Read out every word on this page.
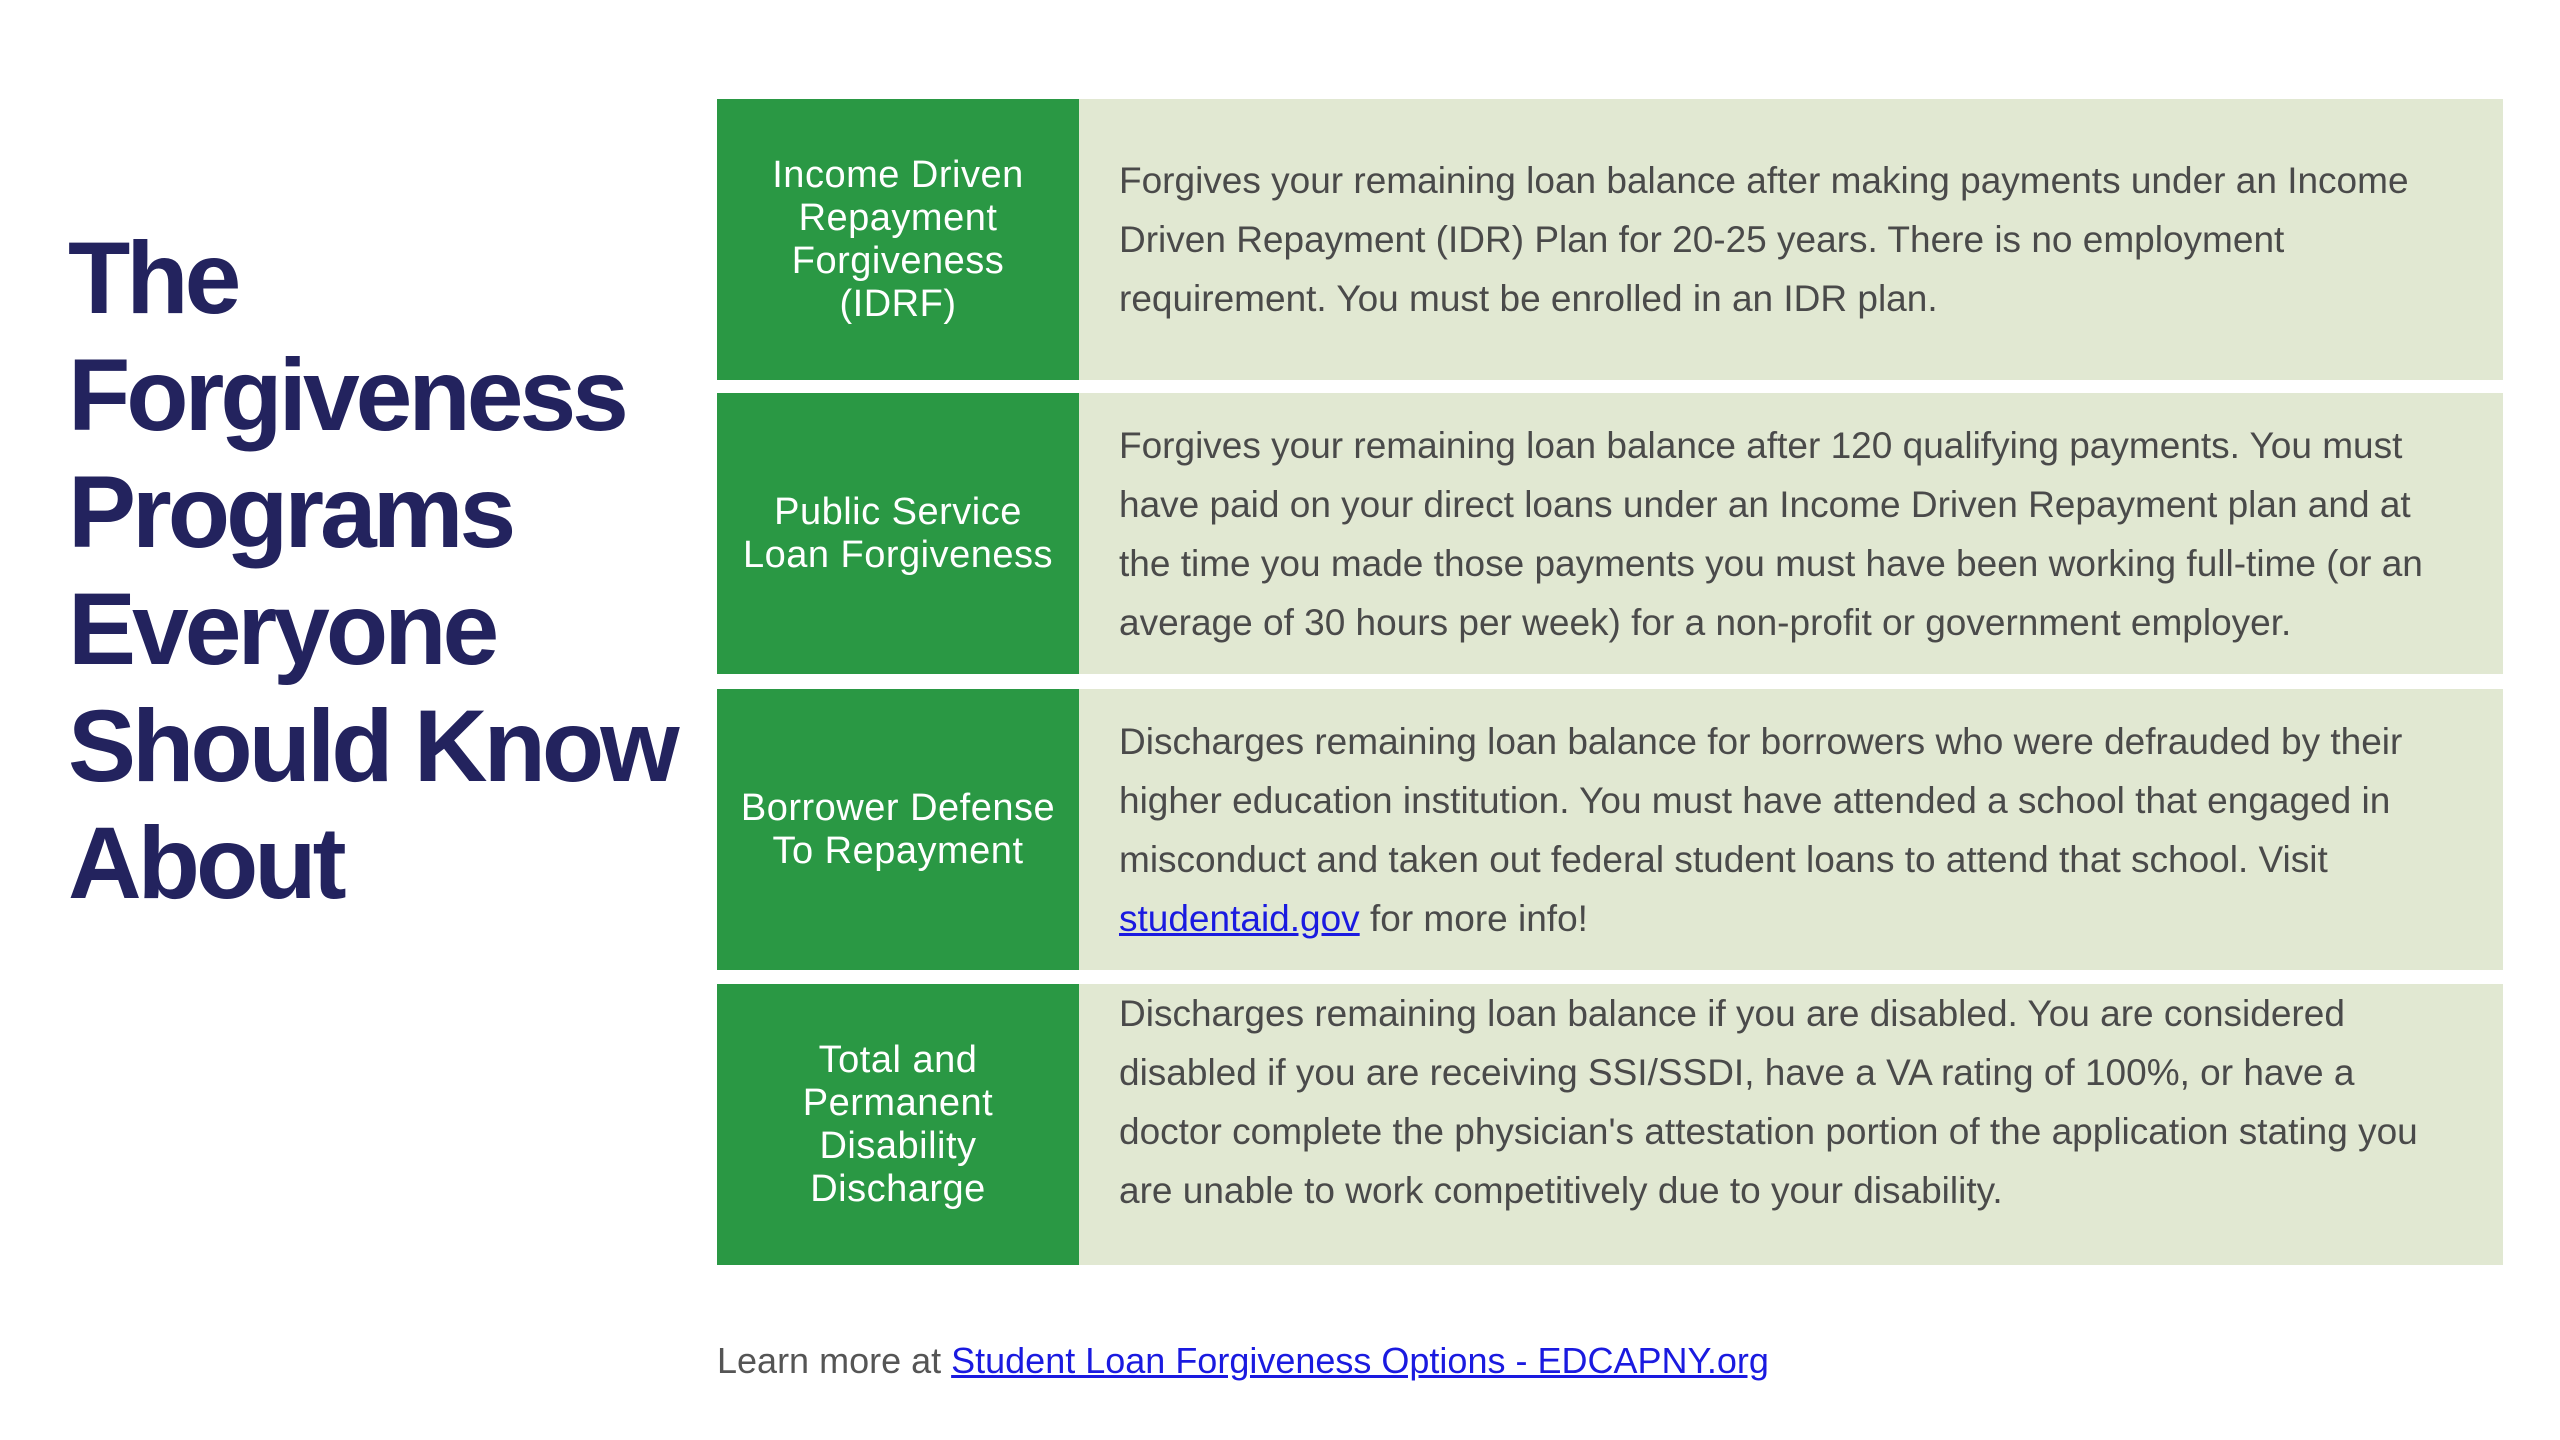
The
Forgiveness
Programs
Everyone
Should Know
About
Income Driven
Repayment
Forgiveness (IDRF)

Forgives your remaining loan balance after making payments under an Income Driven Repayment (IDR) Plan for 20-25 years. There is no employment requirement. You must be enrolled in an IDR plan.

Public Service
Loan Forgiveness

Forgives your remaining loan balance after 120 qualifying payments. You must have paid on your direct loans under an Income Driven Repayment plan and at the time you made those payments you must have been working full-time (or an average of 30 hours per week) for a non-profit or government employer.

Borrower Defense
To Repayment

Discharges remaining loan balance for borrowers who were defrauded by their higher education institution. You must have attended a school that engaged in misconduct and taken out federal student loans to attend that school. Visit studentaid.gov for more info!

Total and
Permanent
Disability
Discharge

Discharges remaining loan balance if you are disabled. You are considered disabled if you are receiving SSI/SSDI, have a VA rating of 100%, or have a doctor complete the physician's attestation portion of the application stating you are unable to work competitively due to your disability.

Learn more at Student Loan Forgiveness Options - EDCAPNY.org
